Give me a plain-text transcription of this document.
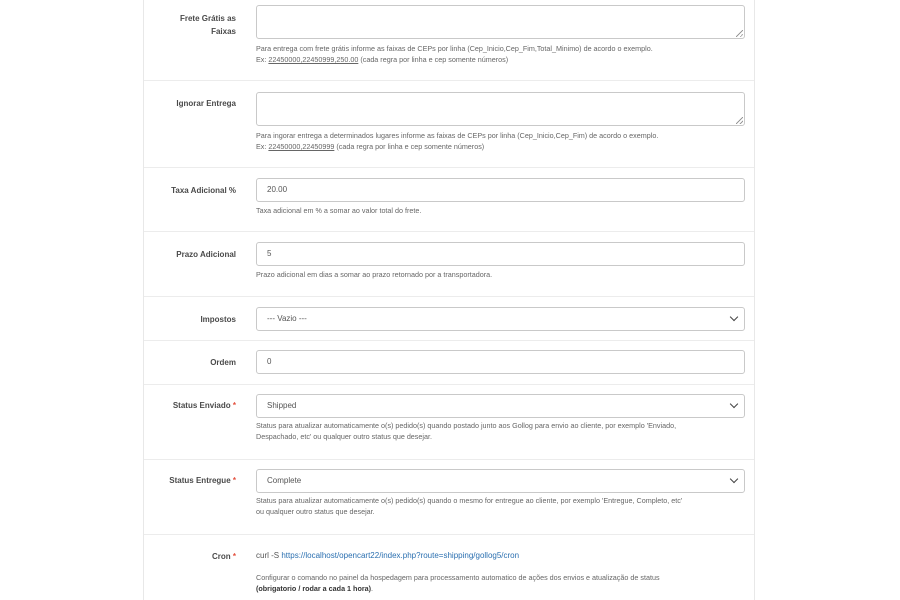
Frete Grátis as
Faixas
Para entrega com frete grátis informe as faixas de CEPs por linha (Cep_Inicio,Cep_Fim,Total_Minimo) de acordo o exemplo.
Ex: 22450000,22450999,250.00 (cada regra por linha e cep somente números)
Ignorar Entrega
Para ingorar entrega a determinados lugares informe as faixas de CEPs por linha (Cep_Inicio,Cep_Fim) de acordo o exemplo.
Ex: 22450000,22450999 (cada regra por linha e cep somente números)
Taxa Adicional %	20.00
Taxa adicional em % a somar ao valor total do frete.
Prazo Adicional	5
Prazo adicional em dias a somar ao prazo retornado por a transportadora.
Impostos	--- Vazio ---
Ordem	0
Status Enviado *	Shipped
Status para atualizar automaticamente o(s) pedido(s) quando postado junto aos Gollog para envio ao cliente, por exemplo 'Enviado,
Despachado, etc' ou qualquer outro status que desejar.
Status Entregue *	Complete
Status para atualizar automaticamente o(s) pedido(s) quando o mesmo for entregue ao cliente, por exemplo 'Entregue, Completo, etc'
ou qualquer outro status que desejar.
Cron *	curl -S https://localhost/opencart22/index.php?route=shipping/gollog5/cron
Configurar o comando no painel da hospedagem para processamento automatico de ações dos envios e atualização de status
(obrigatorio / rodar a cada 1 hora).
